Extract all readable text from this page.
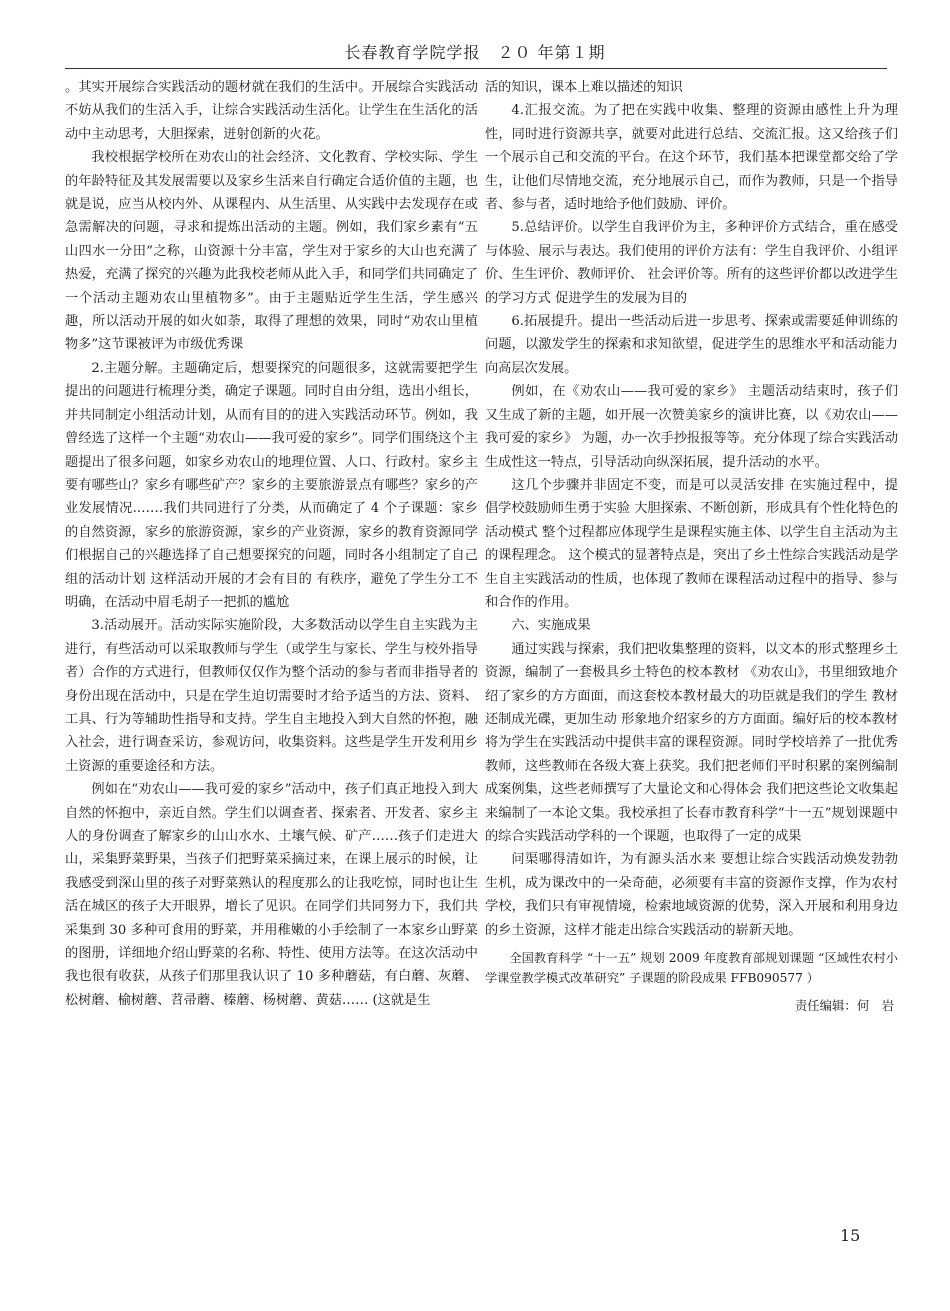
长春教育学院学报　２０ 年第１期

。其实开展综合实践活动的题材就在我们的生活中。开展综合实践活动不妨从我们的生活入手，让综合实践活动生活化。让学生在生活化的活动中主动思考，大胆探索，迸射创新的火花。

我校根据学校所在劝农山的社会经济、文化教育、学校实际、学生的年龄特征及其发展需要以及家乡生活来自行确定合适价值的主题，也就是说，应当从校内外、从课程内、从生活里、从实践中去发现存在或急需解决的问题，寻求和提炼出活动的主题。例如，我们家乡素有“五山四水一分田”之称，山资源十分丰富，学生对于家乡的大山也充满了热爱，充满了探究的兴趣为此我校老师从此入手，和同学们共同确定了一个活动主题劝农山里植物多”。由于主题贴近学生生活，学生感兴趣，所以活动开展的如火如荼，取得了理想的效果，同时“劝农山里植物多”这节课被评为市级优秀课

2.主题分解。主题确定后，想要探究的问题很多，这就需要把学生提出的问题进行梳理分类，确定子课题。同时自由分组，选出小组长，并共同制定小组活动计划，从而有目的的进入实践活动环节。例如，我曾经选了这样一个主题“劝农山——我可爱的家乡”。同学们围绕这个主题提出了很多问题，如家乡劝农山的地理位置、人口、行政村。家乡主要有哪些山？家乡有哪些矿产？家乡的主要旅游景点有哪些？家乡的产业发展情况.……我们共同进行了分类，从而确定了 4 个子课题：家乡的自然资源，家乡的旅游资源，家乡的产业资源，家乡的教育资源同学们根据自己的兴趣选择了自己想要探究的问题，同时各小组制定了自己组的活动计划 这样活动开展的才会有目的 有秩序，避免了学生分工不明确，在活动中眉毛胡子一把抓的尴尬

3.活动展开。活动实际实施阶段，大多数活动以学生自主实践为主进行，有些活动可以采取教师与学生（或学生与家长、学生与校外指导者）合作的方式进行，但教师仅仅作为整个活动的参与者而非指导者的身份出现在活动中，只是在学生迫切需要时才给予适当的方法、资料、工具、行为等辅助性指导和支持。学生自主地投入到大自然的怀抱，融入社会，进行调查采访，参观访问，收集资料。这些是学生开发利用乡土资源的重要途径和方法。

例如在“劝农山——我可爱的家乡”活动中，孩子们真正地投入到大自然的怀抱中，亲近自然。学生们以调查者、探索者、开发者、家乡主人的身份调查了解家乡的山山水水、土壤气候、矿产……孩子们走进大山，采集野菜野果，当孩子们把野菜采摘过来，在课上展示的时候，让我感受到深山里的孩子对野菜熟认的程度那么的让我吃惊，同时也让生活在城区的孩子大开眼界，增长了见识。在同学们共同努力下，我们共采集到 30 多种可食用的野菜，并用稚嫩的小手绘制了一本家乡山野菜的图册，详细地介绍山野菜的名称、特性、使用方法等。在这次活动中我也很有收获，从孩子们那里我认识了 10 多种蘑菇，有白蘑、灰蘑、松树蘑、榆树蘑、苕帚蘑、榛蘑、杨树蘑、黄菇…… (这就是生

活的知识，课本上难以描述的知识

4.汇报交流。为了把在实践中收集、整理的资源由感性上升为理性，同时进行资源共享，就要对此进行总结、交流汇报。这又给孩子们一个展示自己和交流的平台。在这个环节，我们基本把课堂都交给了学生，让他们尽情地交流，充分地展示自己，而作为教师，只是一个指导者、参与者，适时地给予他们鼓励、评价。

5.总结评价。以学生自我评价为主，多种评价方式结合，重在感受与体验、展示与表达。我们使用的评价方法有：学生自我评价、小组评价、生生评价、教师评价、 社会评价等。所有的这些评价都以改进学生的学习方式 促进学生的发展为目的

6.拓展提升。提出一些活动后进一步思考、探索或需要延伸训练的问题，以激发学生的探索和求知欲望，促进学生的思维水平和活动能力向高层次发展。

例如，在《劝农山——我可爱的家乡》 主题活动结束时，孩子们又生成了新的主题，如开展一次赞美家乡的演讲比赛，以《劝农山——我可爱的家乡》 为题，办一次手抄报报等等。充分体现了综合实践活动生成性这一特点，引导活动向纵深拓展，提升活动的水平。

这几个步骤并非固定不变，而是可以灵活安排 在实施过程中，提倡学校鼓励师生勇于实验 大胆探索、不断创新，形成具有个性化特色的活动模式 整个过程都应体现学生是课程实施主体、以学生自主活动为主的课程理念。 这个模式的显著特点是，突出了乡土性综合实践活动是学生自主实践活动的性质，也体现了教师在课程活动过程中的指导、参与和合作的作用。

六、实施成果

通过实践与探索，我们把收集整理的资料，以文本的形式整理乡土资源，编制了一套极具乡土特色的校本教材 《劝农山》，书里细致地介绍了家乡的方方面面，而这套校本教材最大的功臣就是我们的学生 教材还制成光碟，更加生动 形象地介绍家乡的方方面面。编好后的校本教材将为学生在实践活动中提供丰富的课程资源。同时学校培养了一批优秀教师，这些教师在各级大赛上获奖。我们把老师们平时积累的案例编制成案例集，这些老师撰写了大量论文和心得体会 我们把这些论文收集起来编制了一本论文集。我校承担了长春市教育科学“十一五”规划课题中的综合实践活动学科的一个课题，也取得了一定的成果

问渠哪得清如许，为有源头活水来 要想让综合实践活动焕发勃勃生机，成为课改中的一朵奇葩，必须要有丰富的资源作支撑，作为农村学校，我们只有审视情境，检索地域资源的优势，深入开展和利用身边的乡土资源，这样才能走出综合实践活动的崭新天地。

全国教育科学 “十一五” 规划 2009 年度教育部规划课题 “区域性农村小学课堂教学模式改革研究” 子课题的阶段成果 FFB090577 ）

责任编辑：何　岩

15
